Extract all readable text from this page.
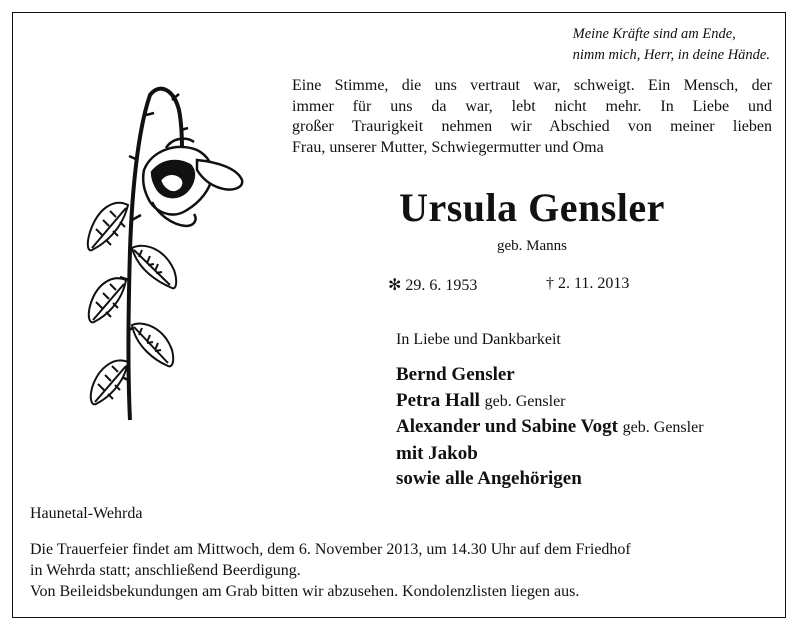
Meine Kräfte sind am Ende,
nimm mich, Herr, in deine Hände.
Eine Stimme, die uns vertraut war, schweigt. Ein Mensch, der
immer für uns da war, lebt nicht mehr. In Liebe und
großer Traurigkeit nehmen wir Abschied von meiner lieben
Frau, unserer Mutter, Schwiegermutter und Oma
Ursula Gensler
geb. Manns
✻ 29. 6. 1953	† 2. 11. 2013
In Liebe und Dankbarkeit
Bernd Gensler
Petra Hall geb. Gensler
Alexander und Sabine Vogt geb. Gensler
mit Jakob
sowie alle Angehörigen
Haunetal-Wehrda
Die Trauerfeier findet am Mittwoch, dem 6. November 2013, um 14.30 Uhr auf dem Friedhof
in Wehrda statt; anschließend Beerdigung.
Von Beileidsbekundungen am Grab bitten wir abzusehen. Kondolenzlisten liegen aus.
